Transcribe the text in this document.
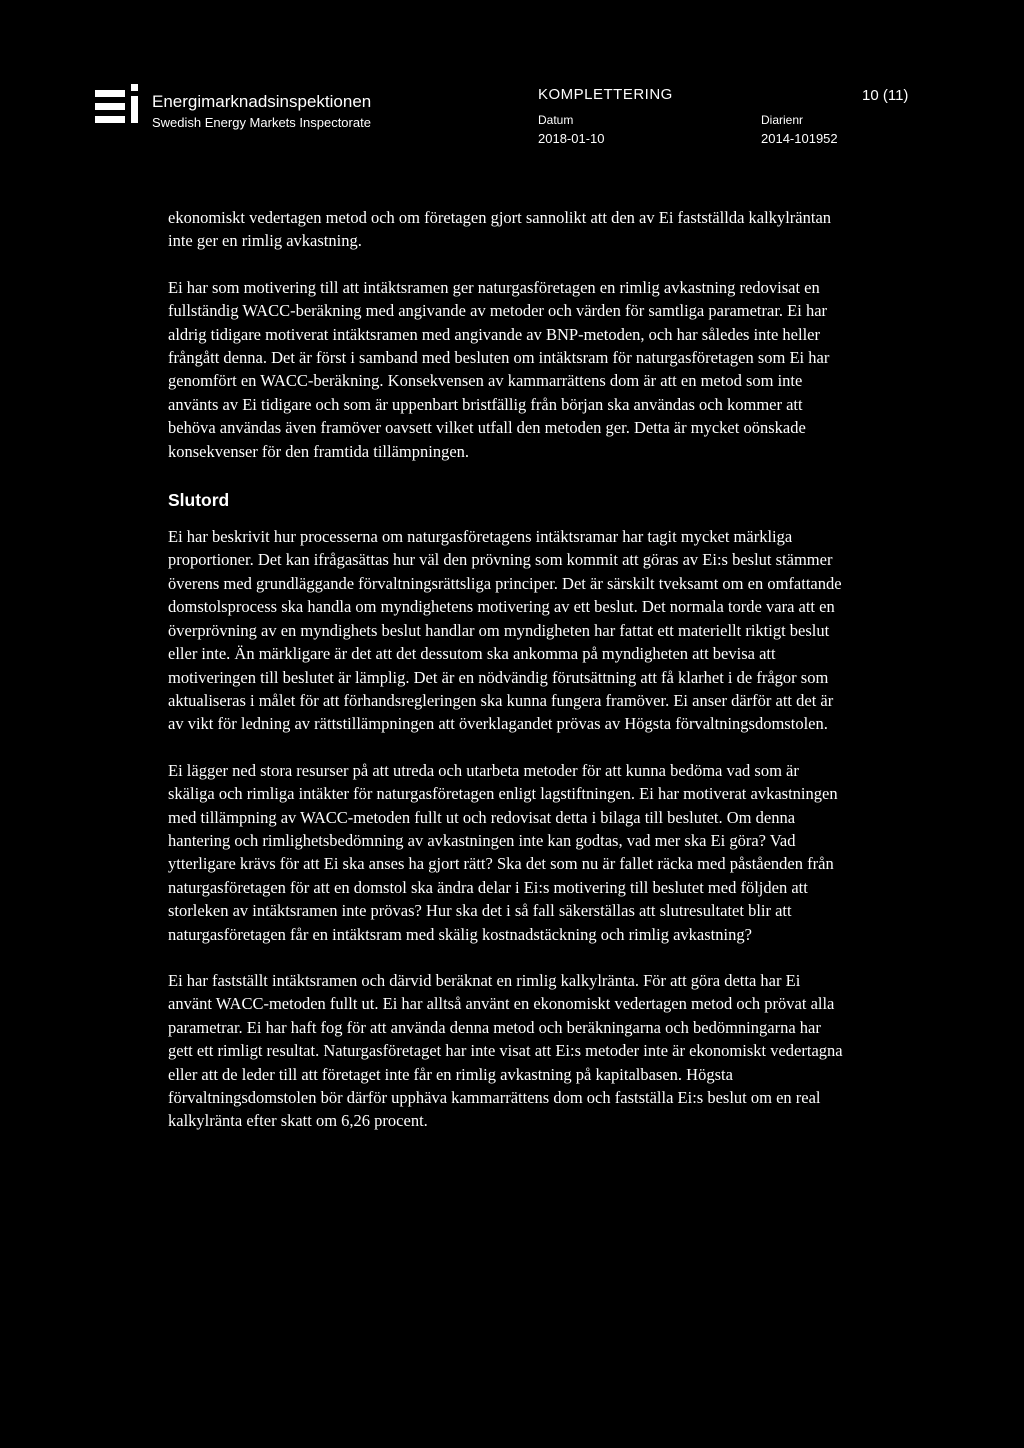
Energimarknadsinspektionen
Swedish Energy Markets Inspectorate
KOMPLETTERING	10 (11)
Datum
2018-01-10
Diarienr
2014-101952

ekonomiskt vedertagen metod och om företagen gjort sannolikt att den av Ei fastställda kalkylräntan inte ger en rimlig avkastning.

Ei har som motivering till att intäktsramen ger naturgasföretagen en rimlig avkastning redovisat en fullständig WACC-beräkning med angivande av metoder och värden för samtliga parametrar. Ei har aldrig tidigare motiverat intäktsramen med angivande av BNP-metoden, och har således inte heller frångått denna. Det är först i samband med besluten om intäktsram för naturgasföretagen som Ei har genomfört en WACC-beräkning. Konsekvensen av kammarrättens dom är att en metod som inte använts av Ei tidigare och som är uppenbart bristfällig från början ska användas och kommer att behöva användas även framöver oavsett vilket utfall den metoden ger. Detta är mycket oönskade konsekvenser för den framtida tillämpningen.

Slutord

Ei har beskrivit hur processerna om naturgasföretagens intäktsramar har tagit mycket märkliga proportioner. Det kan ifrågasättas hur väl den prövning som kommit att göras av Ei:s beslut stämmer överens med grundläggande förvaltningsrättsliga principer. Det är särskilt tveksamt om en omfattande domstolsprocess ska handla om myndighetens motivering av ett beslut. Det normala torde vara att en överprövning av en myndighets beslut handlar om myndigheten har fattat ett materiellt riktigt beslut eller inte. Än märkligare är det att det dessutom ska ankomma på myndigheten att bevisa att motiveringen till beslutet är lämplig. Det är en nödvändig förutsättning att få klarhet i de frågor som aktualiseras i målet för att förhandsregleringen ska kunna fungera framöver. Ei anser därför att det är av vikt för ledning av rättstillämpningen att överklagandet prövas av Högsta förvaltningsdomstolen.

Ei lägger ned stora resurser på att utreda och utarbeta metoder för att kunna bedöma vad som är skäliga och rimliga intäkter för naturgasföretagen enligt lagstiftningen. Ei har motiverat avkastningen med tillämpning av WACC-metoden fullt ut och redovisat detta i bilaga till beslutet. Om denna hantering och rimlighetsbedömning av avkastningen inte kan godtas, vad mer ska Ei göra? Vad ytterligare krävs för att Ei ska anses ha gjort rätt? Ska det som nu är fallet räcka med påståenden från naturgasföretagen för att en domstol ska ändra delar i Ei:s motivering till beslutet med följden att storleken av intäktsramen inte prövas? Hur ska det i så fall säkerställas att slutresultatet blir att naturgasföretagen får en intäktsram med skälig kostnadstäckning och rimlig avkastning?

Ei har fastställt intäktsramen och därvid beräknat en rimlig kalkylränta. För att göra detta har Ei använt WACC-metoden fullt ut. Ei har alltså använt en ekonomiskt vedertagen metod och prövat alla parametrar. Ei har haft fog för att använda denna metod och beräkningarna och bedömningarna har gett ett rimligt resultat. Naturgasföretaget har inte visat att Ei:s metoder inte är ekonomiskt vedertagna eller att de leder till att företaget inte får en rimlig avkastning på kapitalbasen. Högsta förvaltningsdomstolen bör därför upphäva kammarrättens dom och fastställa Ei:s beslut om en real kalkylränta efter skatt om 6,26 procent.
